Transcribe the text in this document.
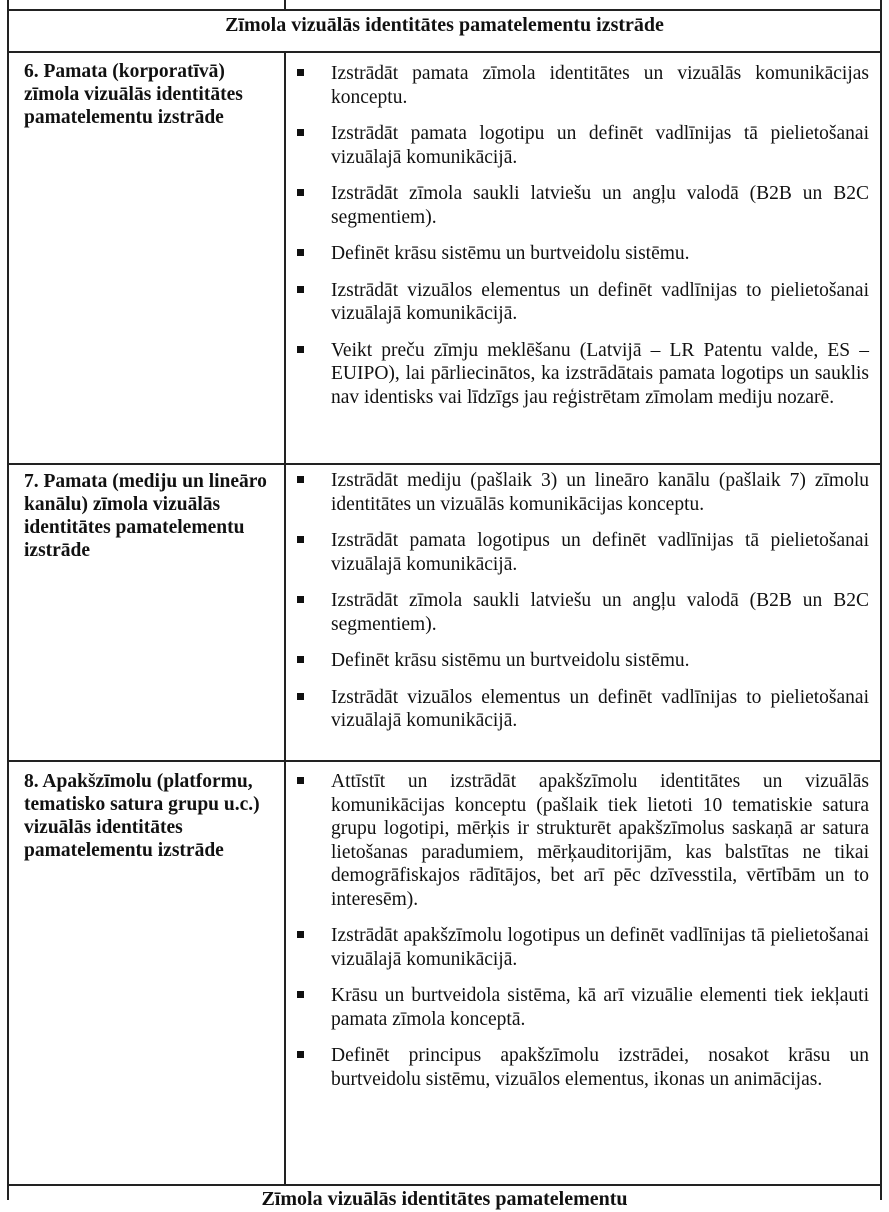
Zīmola vizuālās identitātes pamatelementu izstrāde
6. Pamata (korporatīvā) zīmola vizuālās identitātes pamatelementu izstrāde
Izstrādāt pamata zīmola identitātes un vizuālās komunikācijas konceptu.
Izstrādāt pamata logotipu un definēt vadlīnijas tā pielietošanai vizuālajā komunikācijā.
Izstrādāt zīmola saukli latviešu un angļu valodā (B2B un B2C segmentiem).
Definēt krāsu sistēmu un burtveidolu sistēmu.
Izstrādāt vizuālos elementus un definēt vadlīnijas to pielietošanai vizuālajā komunikācijā.
Veikt preču zīmju meklēšanu (Latvijā – LR Patentu valde, ES – EUIPO), lai pārliecinātos, ka izstrādātais pamata logotips un sauklis nav identisks vai līdzīgs jau reģistrētam zīmolam mediju nozarē.
7. Pamata (mediju un lineāro kanālu) zīmola vizuālās identitātes pamatelementu izstrāde
Izstrādāt mediju (pašlaik 3) un lineāro kanālu (pašlaik 7) zīmolu identitātes un vizuālās komunikācijas konceptu.
Izstrādāt pamata logotipus un definēt vadlīnijas tā pielietošanai vizuālajā komunikācijā.
Izstrādāt zīmola saukli latviešu un angļu valodā (B2B un B2C segmentiem).
Definēt krāsu sistēmu un burtveidolu sistēmu.
Izstrādāt vizuālos elementus un definēt vadlīnijas to pielietošanai vizuālajā komunikācijā.
8. Apakšzīmolu (platformu, tematisko satura grupu u.c.) vizuālās identitātes pamatelementu izstrāde
Attīstīt un izstrādāt apakšzīmolu identitātes un vizuālās komunikācijas konceptu (pašlaik tiek lietoti 10 tematiskie satura grupu logotipi, mērķis ir strukturēt apakšzīmolus saskaņā ar satura lietošanas paradumiem, mērķauditorijām, kas balstītas ne tikai demogrāfiskajos rādītājos, bet arī pēc dzīvesstila, vērtībām un to interesēm).
Izstrādāt apakšzīmolu logotipus un definēt vadlīnijas tā pielietošanai vizuālajā komunikācijā.
Krāsu un burtveidola sistēma, kā arī vizuālie elementi tiek iekļauti pamata zīmola konceptā.
Definēt principus apakšzīmolu izstrādei, nosakot krāsu un burtveidolu sistēmu, vizuālos elementus, ikonas un animācijas.
Zīmola vizuālās identitātes pamatelementu
